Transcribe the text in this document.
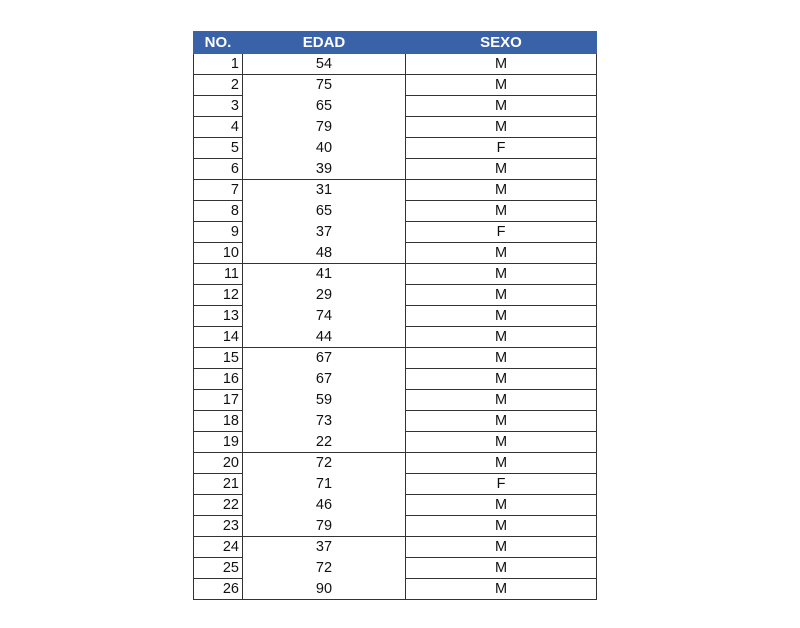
NO.	EDAD	SEXO
1	54	M
2	75	M
3	65	M
4	79	M
5	40	F
6	39	M
7	31	M
8	65	M
9	37	F
10	48	M
11	41	M
12	29	M
13	74	M
14	44	M
15	67	M
16	67	M
17	59	M
18	73	M
19	22	M
20	72	M
21	71	F
22	46	M
23	79	M
24	37	M
25	72	M
26	90	M
